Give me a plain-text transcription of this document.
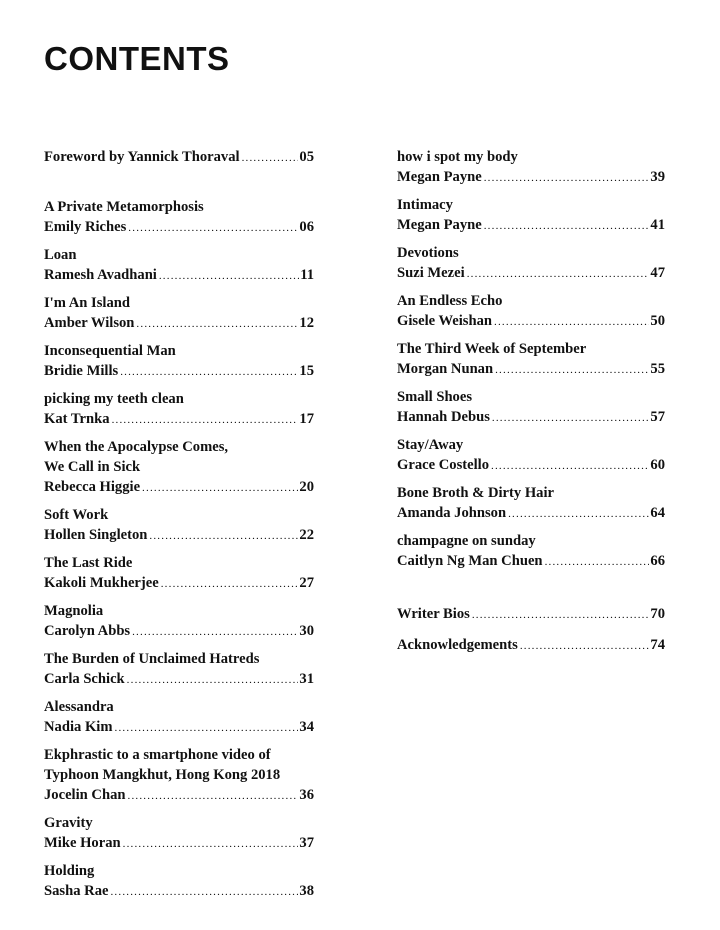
CONTENTS
Foreword by Yannick Thoraval .....	05
A Private Metamorphosis
Emily Riches .....	06
Loan
Ramesh Avadhani .....	11
I'm An Island
Amber Wilson .....	12
Inconsequential Man
Bridie Mills .....	15
picking my teeth clean
Kat Trnka .....	17
When the Apocalypse Comes,
We Call in Sick
Rebecca Higgie .....	20
Soft Work
Hollen Singleton .....	22
The Last Ride
Kakoli Mukherjee .....	27
Magnolia
Carolyn Abbs .....	30
The Burden of Unclaimed Hatreds
Carla Schick .....	31
Alessandra
Nadia Kim .....	34
Ekphrastic to a smartphone video of
Typhoon Mangkhut, Hong Kong 2018
Jocelin Chan .....	36
Gravity
Mike Horan .....	37
Holding
Sasha Rae .....	38
how i spot my body
Megan Payne .....	39
Intimacy
Megan Payne .....	41
Devotions
Suzi Mezei .....	47
An Endless Echo
Gisele Weishan .....	50
The Third Week of September
Morgan Nunan .....	55
Small Shoes
Hannah Debus .....	57
Stay/Away
Grace Costello .....	60
Bone Broth & Dirty Hair
Amanda Johnson .....	64
champagne on sunday
Caitlyn Ng Man Chuen .....	66
Writer Bios .....	70
Acknowledgements .....	74
